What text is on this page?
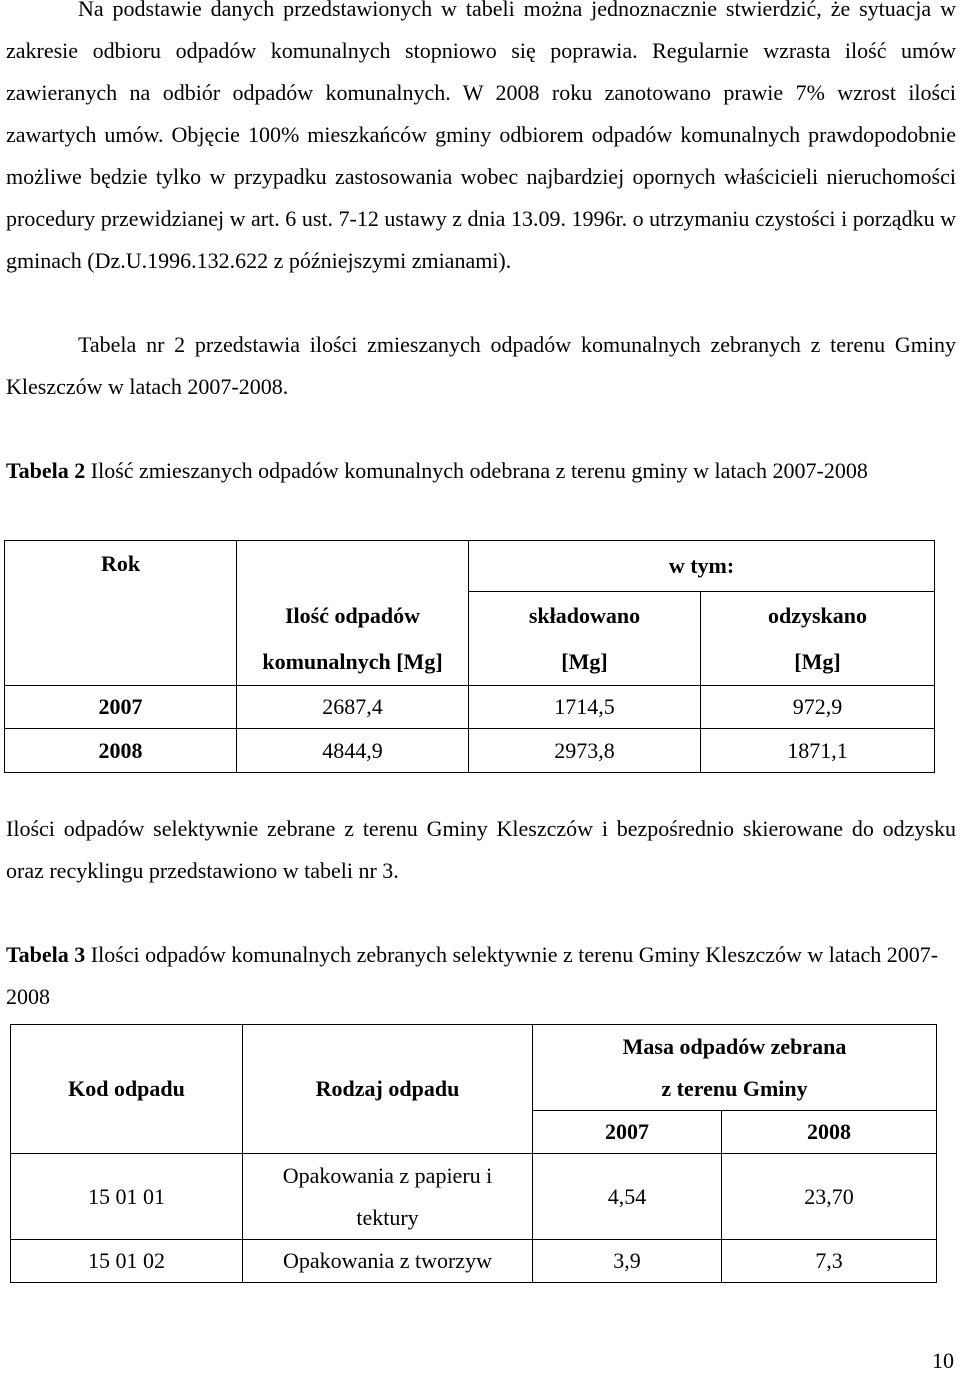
Na podstawie danych przedstawionych w tabeli można jednoznacznie stwierdzić, że sytuacja w zakresie odbioru odpadów komunalnych stopniowo się poprawia. Regularnie wzrasta ilość umów zawieranych na odbiór odpadów komunalnych. W 2008 roku zanotowano prawie 7% wzrost ilości zawartych umów. Objęcie 100% mieszkańców gminy odbiorem odpadów komunalnych prawdopodobnie możliwe będzie tylko w przypadku zastosowania wobec najbardziej opornych właścicieli nieruchomości procedury przewidzianej w art. 6 ust. 7-12 ustawy z dnia 13.09. 1996r. o utrzymaniu czystości i porządku w gminach (Dz.U.1996.132.622 z późniejszymi zmianami).

Tabela nr 2 przedstawia ilości zmieszanych odpadów komunalnych zebranych z terenu Gminy Kleszczów w latach 2007-2008.

Tabela 2 Ilość zmieszanych odpadów komunalnych odebrana z terenu gminy w latach 2007-2008

Rok		w tym:	
	Ilość odpadów	składowano	odzyskano
	komunalnych [Mg]	[Mg]	[Mg]
2007	2687,4	1714,5	972,9
2008	4844,9	2973,8	1871,1

Ilości odpadów selektywnie zebrane z terenu Gminy Kleszczów i bezpośrednio skierowane do odzysku oraz recyklingu przedstawiono w tabeli nr 3.

Tabela 3 Ilości odpadów komunalnych zebranych selektywnie z terenu Gminy Kleszczów w latach 2007-2008

Kod odpadu	Rodzaj odpadu	Masa odpadów zebrana
z terenu Gminy	

		2007	2008
15 01 01	Opakowania z papieru i
tektury	4,54	23,70
15 01 02	Opakowania z tworzyw	3,9	7,3
10
